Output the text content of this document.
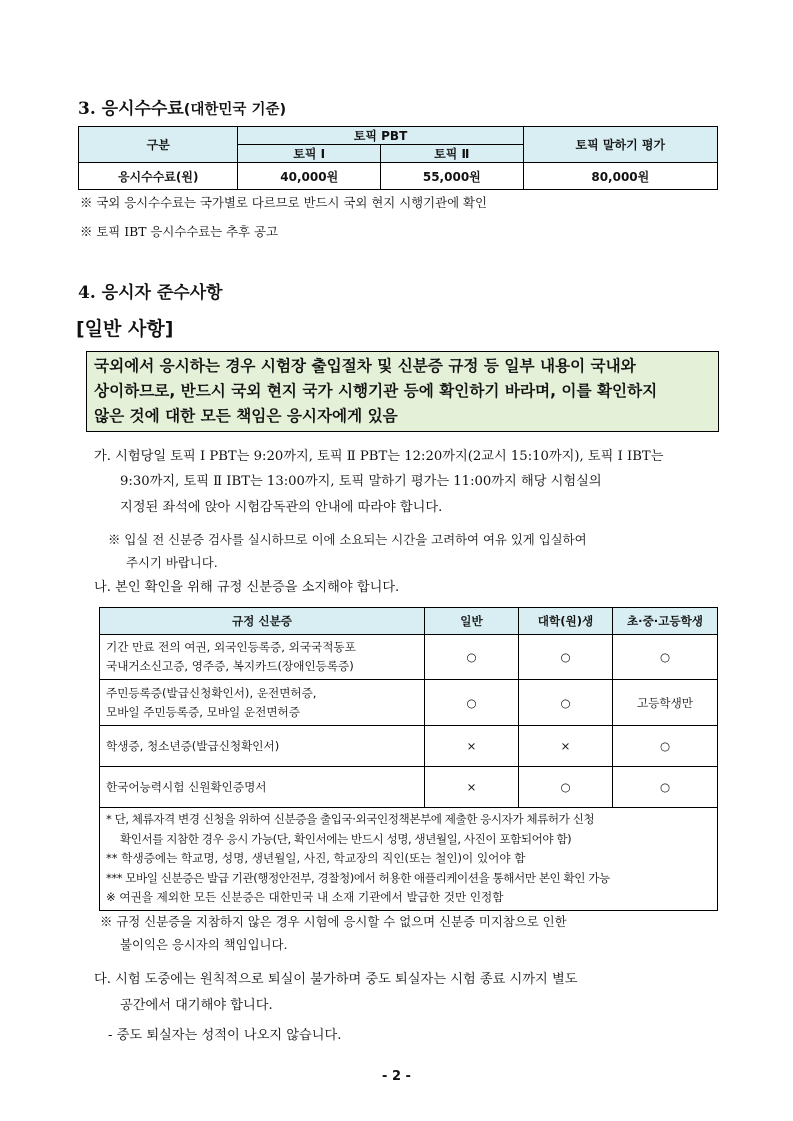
3. 응시수수료(대한민국 기준)
구분	토픽 PBT		토픽 말하기 평가
	토픽 Ⅰ	토픽 Ⅱ	
응시수수료(원)	40,000원	55,000원	80,000원
※ 국외 응시수수료는 국가별로 다르므로 반드시 국외 현지 시행기관에 확인
※ 토픽 IBT 응시수수료는 추후 공고
4. 응시자 준수사항
[일반 사항]
국외에서 응시하는 경우 시험장 출입절차 및 신분증 규정 등 일부 내용이 국내와
상이하므로, 반드시 국외 현지 국가 시행기관 등에 확인하기 바라며, 이를 확인하지
않은 것에 대한 모든 책임은 응시자에게 있음
가. 시험당일 토픽 Ⅰ PBT는 9:20까지, 토픽 Ⅱ PBT는 12:20까지(2교시 15:10까지), 토픽 Ⅰ IBT는
9:30까지, 토픽 Ⅱ IBT는 13:00까지, 토픽 말하기 평가는 11:00까지 해당 시험실의
지정된 좌석에 앉아 시험감독관의 안내에 따라야 합니다.
※ 입실 전 신분증 검사를 실시하므로 이에 소요되는 시간을 고려하여 여유 있게 입실하여
주시기 바랍니다.
나. 본인 확인을 위해 규정 신분증을 소지해야 합니다.
규정 신분증	일반	대학(원)생	초·중·고등학생

기간 만료 전의 여권, 외국인등록증, 외국국적동포
국내거소신고증, 영주증, 복지카드(장애인등록증)	○	○	○

주민등록증(발급신청확인서), 운전면허증,
모바일 주민등록증, 모바일 운전면허증	○	○	고등학생만
학생증, 청소년증(발급신청확인서)	×	×	○
한국어능력시험 신원확인증명서	×	○	○

* 단, 체류자격 변경 신청을 위하여 신분증을 출입국·외국인정책본부에 제출한 응시자가 체류허가 신청
확인서를 지참한 경우 응시 가능(단, 확인서에는 반드시 성명, 생년월일, 사진이 포함되어야 함)
** 학생증에는 학교명, 성명, 생년월일, 사진, 학교장의 직인(또는 철인)이 있어야 함
*** 모바일 신분증은 발급 기관(행정안전부, 경찰청)에서 허용한 애플리케이션을 통해서만 본인 확인 가능
※ 여권을 제외한 모든 신분증은 대한민국 내 소재 기관에서 발급한 것만 인정함			
※ 규정 신분증을 지참하지 않은 경우 시험에 응시할 수 없으며 신분증 미지참으로 인한
불이익은 응시자의 책임입니다.
다. 시험 도중에는 원칙적으로 퇴실이 불가하며 중도 퇴실자는 시험 종료 시까지 별도
공간에서 대기해야 합니다.
- 중도 퇴실자는 성적이 나오지 않습니다.
- 2 -
